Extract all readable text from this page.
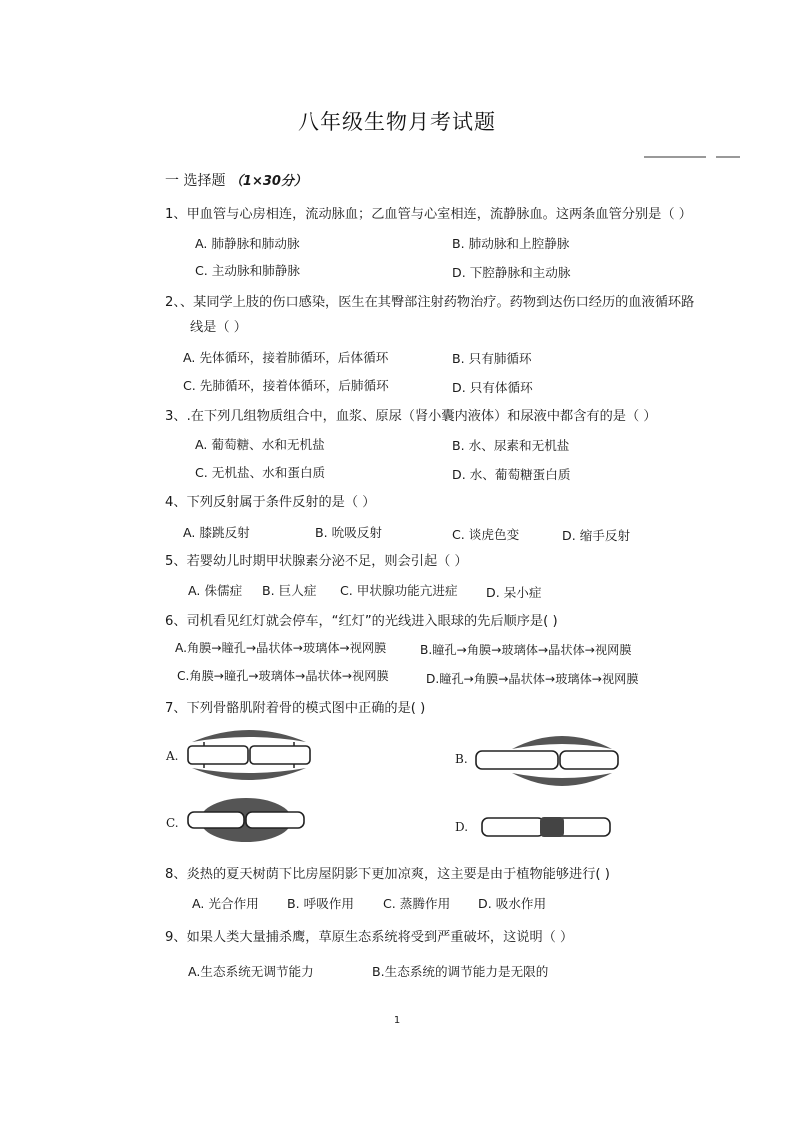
八年级生物月考试题
一 选择题 （1×30分）
1、甲血管与心房相连，流动脉血；乙血管与心室相连，流静脉血。这两条血管分别是（ ）
A. 肺静脉和肺动脉	B. 肺动脉和上腔静脉
C. 主动脉和肺静脉	D. 下腔静脉和主动脉
2、、某同学上肢的伤口感染，医生在其臀部注射药物治疗。药物到达伤口经历的血液循环路
线是（ ）
A. 先体循环，接着肺循环，后体循环	B. 只有肺循环
C. 先肺循环，接着体循环，后肺循环	D. 只有体循环
3、.在下列几组物质组合中，血浆、原尿（肾小囊内液体）和尿液中都含有的是（ ）
A. 葡萄糖、水和无机盐	B. 水、尿素和无机盐
C. 无机盐、水和蛋白质	D. 水、葡萄糖蛋白质
4、下列反射属于条件反射的是（ ）
A. 膝跳反射	B. 吮吸反射	C. 谈虎色变	D. 缩手反射
5、若婴幼儿时期甲状腺素分泌不足，则会引起（ ）
A. 侏儒症 B. 巨人症 C. 甲状腺功能亢进症 D. 呆小症
6、司机看见红灯就会停车，“红灯”的光线进入眼球的先后顺序是( )
A.角膜→瞳孔→晶状体→玻璃体→视网膜	B.瞳孔→角膜→玻璃体→晶状体→视网膜
C.角膜→瞳孔→玻璃体→晶状体→视网膜	D.瞳孔→角膜→晶状体→玻璃体→视网膜
7、下列骨骼肌附着骨的模式图中正确的是( )
A.	B.
C.	D.
8、炎热的夏天树荫下比房屋阴影下更加凉爽，这主要是由于植物能够进行( )
A. 光合作用 B. 呼吸作用 C. 蒸腾作用 D. 吸水作用
9、如果人类大量捕杀鹰，草原生态系统将受到严重破坏，这说明（ ）
A.生态系统无调节能力	B.生态系统的调节能力是无限的
1
